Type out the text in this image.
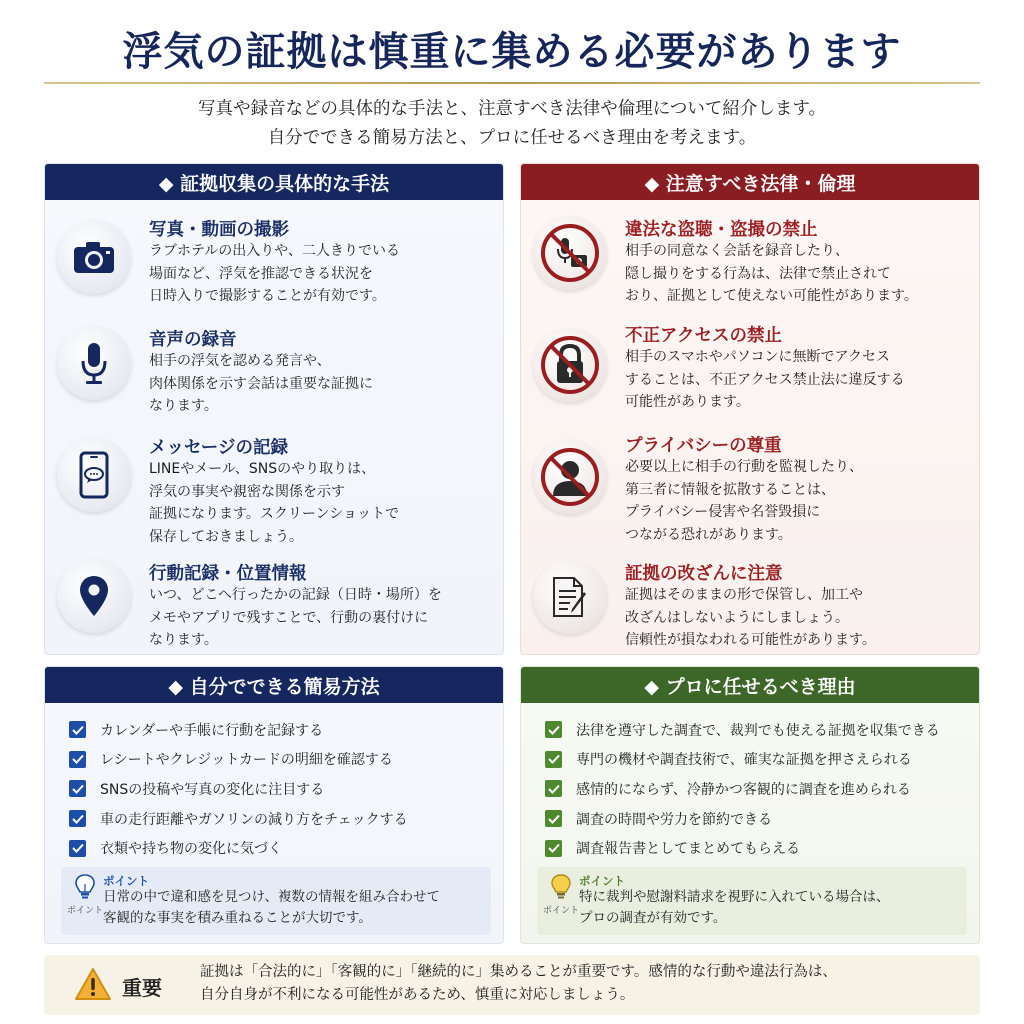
浮気の証拠は慎重に集める必要があります
写真や録音などの具体的な手法と、注意すべき法律や倫理について紹介します。
自分でできる簡易方法と、プロに任せるべき理由を考えます。
◆ 証拠収集の具体的な手法
写真・動画の撮影
ラブホテルの出入りや、二人きりでいる
場面など、浮気を推認できる状況を
日時入りで撮影することが有効です。
音声の録音
相手の浮気を認める発言や、
肉体関係を示す会話は重要な証拠に
なります。
メッセージの記録
LINEやメール、SNSのやり取りは、
浮気の事実や親密な関係を示す
証拠になります。スクリーンショットで
保存しておきましょう。
行動記録・位置情報
いつ、どこへ行ったかの記録（日時・場所）を
メモやアプリで残すことで、行動の裏付けに
なります。
◆ 注意すべき法律・倫理
違法な盗聴・盗撮の禁止
相手の同意なく会話を録音したり、
隠し撮りをする行為は、法律で禁止されて
おり、証拠として使えない可能性があります。
不正アクセスの禁止
相手のスマホやパソコンに無断でアクセス
することは、不正アクセス禁止法に違反する
可能性があります。
プライバシーの尊重
必要以上に相手の行動を監視したり、
第三者に情報を拡散することは、
プライバシー侵害や名誉毀損に
つながる恐れがあります。
証拠の改ざんに注意
証拠はそのままの形で保管し、加工や
改ざんはしないようにしましょう。
信頼性が損なわれる可能性があります。
◆ 自分でできる簡易方法
カレンダーや手帳に行動を記録する
レシートやクレジットカードの明細を確認する
SNSの投稿や写真の変化に注目する
車の走行距離やガソリンの減り方をチェックする
衣類や持ち物の変化に気づく
ポイント
ポイント
日常の中で違和感を見つけ、複数の情報を組み合わせて
客観的な事実を積み重ねることが大切です。
◆ プロに任せるべき理由
法律を遵守した調査で、裁判でも使える証拠を収集できる
専門の機材や調査技術で、確実な証拠を押さえられる
感情的にならず、冷静かつ客観的に調査を進められる
調査の時間や労力を節約できる
調査報告書としてまとめてもらえる
ポイント
ポイント
特に裁判や慰謝料請求を視野に入れている場合は、
プロの調査が有効です。
重要
証拠は「合法的に」「客観的に」「継続的に」集めることが重要です。感情的な行動や違法行為は、
自分自身が不利になる可能性があるため、慎重に対応しましょう。
